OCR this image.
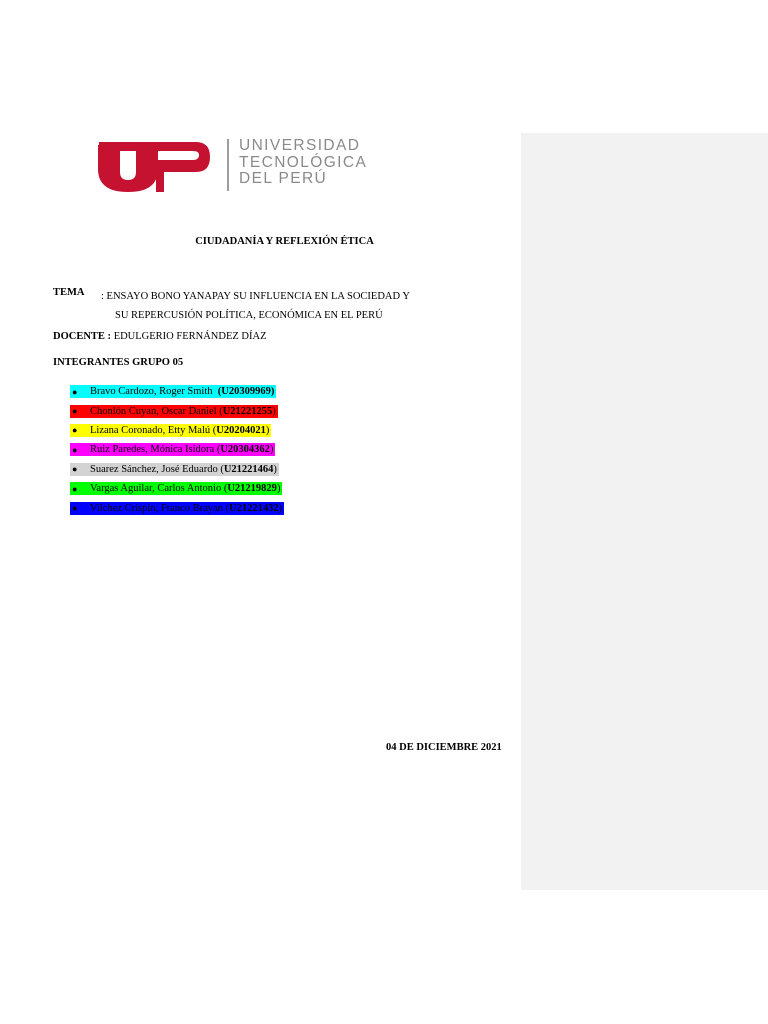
UNIVERSIDAD
TECNOLÓGICA
DEL PERÚ
CIUDADANÍA Y REFLEXIÓN ÉTICA
TEMA : ENSAYO BONO YANAPAY SU INFLUENCIA EN LA SOCIEDAD Y
SU REPERCUSIÓN POLÍTICA, ECONÓMICA EN EL PERÚ
DOCENTE : EDULGERIO FERNÁNDEZ DÍAZ
INTEGRANTES GRUPO 05
●	Bravo Cardozo, Roger Smith
( U20309969 )
●	Chonlón Cuyan, Oscar Daniel
( U21221255 )
●	Lizana Coronado, Etty Malú
( U20204021 )
●	Ruiz Paredes, Mónica Isidora
( U20304362 )
●	Suarez Sánchez, José Eduardo
( U21221464 )
●	Vargas Aguilar, Carlos Antonio
( U21219829 )
●	Vilchez Crispin, Franco Brayan
( U21221432 )
04 DE DICIEMBRE 2021
